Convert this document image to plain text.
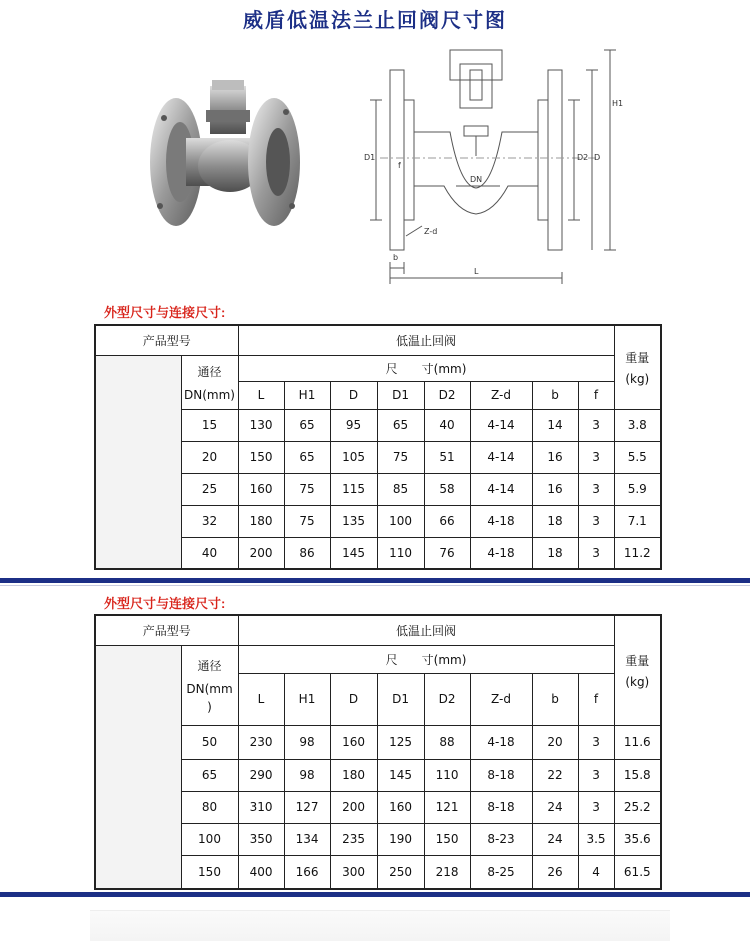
威盾低温法兰止回阀尺寸图
H1
D
D2
D1
f
DN
Z-d
b
L
外型尺寸与连接尺寸:
产品型号		低温止回阀								重量
(kg)

	通径
DN(mm)	尺　　寸(mm)								
		L	H1	D	D1	D2	Z-d	b	f	
	15	130	65	95	65	40	4-14	14	3	3.8
	20	150	65	105	75	51	4-14	16	3	5.5
	25	160	75	115	85	58	4-14	16	3	5.9
	32	180	75	135	100	66	4-18	18	3	7.1
	40	200	86	145	110	76	4-18	18	3	11.2
外型尺寸与连接尺寸:
产品型号		低温止回阀								重量
(kg)

	通径
DN(mm
)	尺　　寸(mm)								
		L	H1	D	D1	D2	Z-d	b	f	
	50	230	98	160	125	88	4-18	20	3	11.6
	65	290	98	180	145	110	8-18	22	3	15.8
	80	310	127	200	160	121	8-18	24	3	25.2
	100	350	134	235	190	150	8-23	24	3.5	35.6
	150	400	166	300	250	218	8-25	26	4	61.5
